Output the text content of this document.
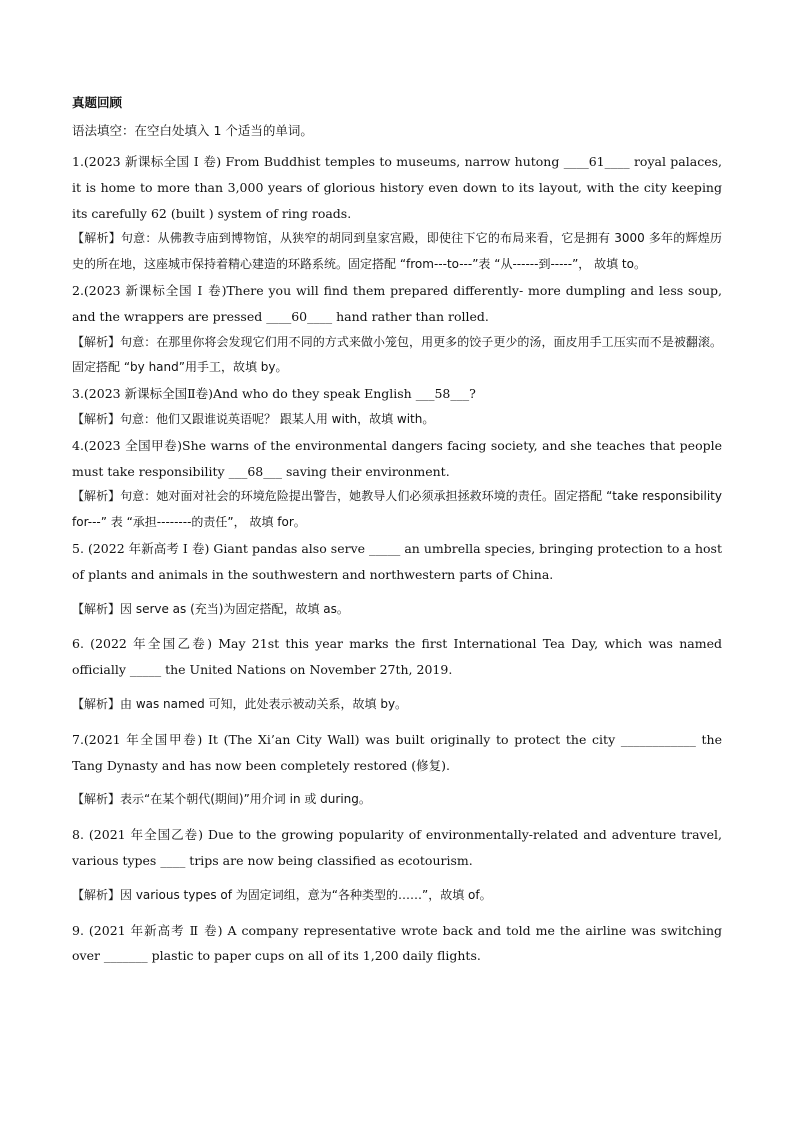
真题回顾

语法填空：在空白处填入 1 个适当的单词。

1.(2023 新课标全国 Ⅰ 卷) From Buddhist temples to museums, narrow hutong ____61____ royal palaces, it is home to more than 3,000 years of glorious history even down to its layout, with the city keeping its carefully 62 (built ) system of ring roads.

【解析】句意：从佛教寺庙到博物馆，从狭窄的胡同到皇家宫殿，即使往下它的布局来看，它是拥有 3000 多年的辉煌历史的所在地，这座城市保持着精心建造的环路系统。固定搭配 “from---to---”表 “从------到-----”， 故填 to。

2.(2023 新课标全国 Ⅰ 卷)There you will find them prepared differently- more dumpling and less soup, and the wrappers are pressed ____60____ hand rather than rolled.

【解析】句意：在那里你将会发现它们用不同的方式来做小笼包，用更多的饺子更少的汤，面皮用手工压实而不是被翻滚。固定搭配 “by hand”用手工，故填 by。

3.(2023 新课标全国Ⅱ卷)And who do they speak English ___58___?

【解析】句意：他们又跟谁说英语呢？ 跟某人用 with，故填 with。

4.(2023 全国甲卷)She warns of the environmental dangers facing society, and she teaches that people must take responsibility ___68___ saving their environment.

【解析】句意：她对面对社会的环境危险提出警告，她教导人们必须承担拯救环境的责任。固定搭配 “take responsibility for---” 表 “承担--------的责任”， 故填 for。

5. (2022 年新高考 Ⅰ 卷) Giant pandas also serve _____ an umbrella species, bringing protection to a host of plants and animals in the southwestern and northwestern parts of China.

【解析】因 serve as (充当)为固定搭配，故填 as。

6. (2022 年全国乙卷) May 21st this year marks the first International Tea Day, which was named officially _____ the United Nations on November 27th, 2019.

【解析】由 was named 可知，此处表示被动关系，故填 by。

7.(2021 年全国甲卷) It (The Xi’an City Wall) was built originally to protect the city ____________ the Tang Dynasty and has now been completely restored (修复).

【解析】表示“在某个朝代(期间)”用介词 in 或 during。

8. (2021 年全国乙卷) Due to the growing popularity of environmentally-related and adventure travel, various types ____ trips are now being classified as ecotourism.

【解析】因 various types of 为固定词组，意为“各种类型的……”，故填 of。

9. (2021 年新高考 Ⅱ 卷) A company representative wrote back and told me the airline was switching over _______ plastic to paper cups on all of its 1,200 daily flights.
